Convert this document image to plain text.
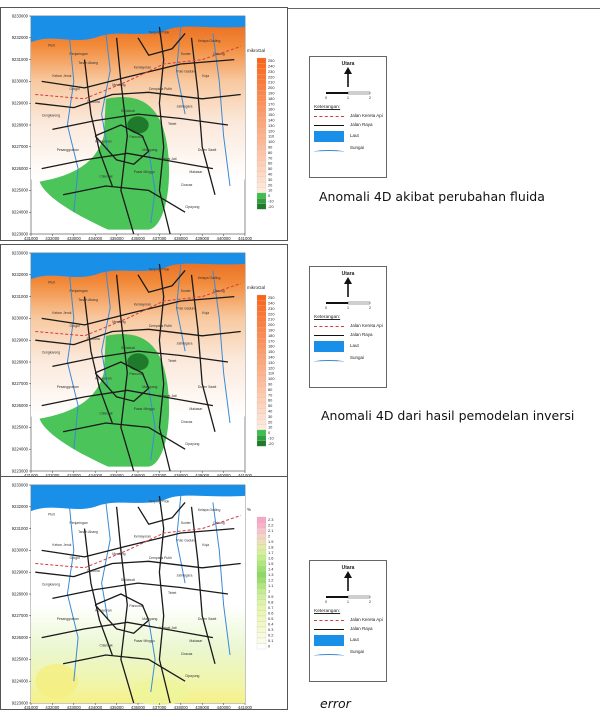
Tanjung Priok
Pluit
Tanah Abang
Kelapa Gading
Cakung
Kebon Jeruk
Grogol
Menteng
Pulo Gadung
Kemayoran
Pancoran
Jatinegara
Cengkareng
Kebayoran
Tebet
Duren Sawit
Pasar Minggu
Cilandak
Ciracas
Kramat Jati
Pesanggrahan
Setiabudi
Mampang
Cempaka Putih
Penjaringan	Sunter
Tambora
Cipayung
Makasar
Koja
9233000
9232000
9231000
9230000
9229000
9228000
9227000
9226000
9225000
9224000
9223000
431000 432000 433000 434000 435000 436000 437000 438000 439000 440000 441000
mikroGal
250
240
230
220
210
200
190
180
170
160
150
140
130
120
110
100
90
80
70
60
50
40
30
20
10
0
-10
-20
Utara
0	1	2
Keterangan:
Jalan Kereta Api
Jalan Raya
Laut
Sungai
Anomali 4D akibat perubahan fluida
Tanjung Priok
Pluit
Tanah Abang
Kelapa Gading
Cakung
Kebon Jeruk
Grogol
Menteng
Pulo Gadung
Kemayoran
Pancoran
Jatinegara
Cengkareng
Kebayoran
Tebet
Duren Sawit
Pasar Minggu
Cilandak
Ciracas
Kramat Jati
Pesanggrahan
Setiabudi
Mampang
Cempaka Putih
Penjaringan	Sunter
Tambora
Cipayung
Makasar
Koja
9233000
9232000
9231000
9230000
9229000
9228000
9227000
9226000
9225000
9224000
9223000
mikroGal
250
240
230
220
210
200
190
180
170
160
150
140
130
120
110
100
90
80
70
60
50
40
30
20
10
0
-10
-20
Utara
0	1	2
Keterangan:
Jalan Kereta Api
Jalan Raya
Laut
Sungai
Anomali 4D dari hasil pemodelan inversi
Tanjung Priok
Pluit
Tanah Abang
Kelapa Gading
Cakung
Kebon Jeruk
Grogol
Menteng
Pulo Gadung
Kemayoran
Pancoran
Jatinegara
Cengkareng
Kebayoran
Tebet
Duren Sawit
Pasar Minggu
Cilandak
Ciracas
Kramat Jati
Pesanggrahan
Setiabudi
Mampang
Cempaka Putih
Penjaringan	Sunter
Tambora
Cipayung
Makasar
Koja
9233000
9232000
9231000
9230000
9229000
9228000
9227000
9226000
9225000
9224000
9223000
431000 432000 433000 434000 435000 436000 437000 438000 439000 440000 441000
%
2.3
2.2
2.1
2
1.9
1.8
1.7
1.6
1.5
1.4
1.3
1.2
1.1
1
0.9
0.8
0.7
0.6
0.5
0.4
0.3
0.2
0.1
0
Utara
0	1	2
Keterangan:
Jalan Kereta Api
Jalan Raya
Laut
Sungai
error
